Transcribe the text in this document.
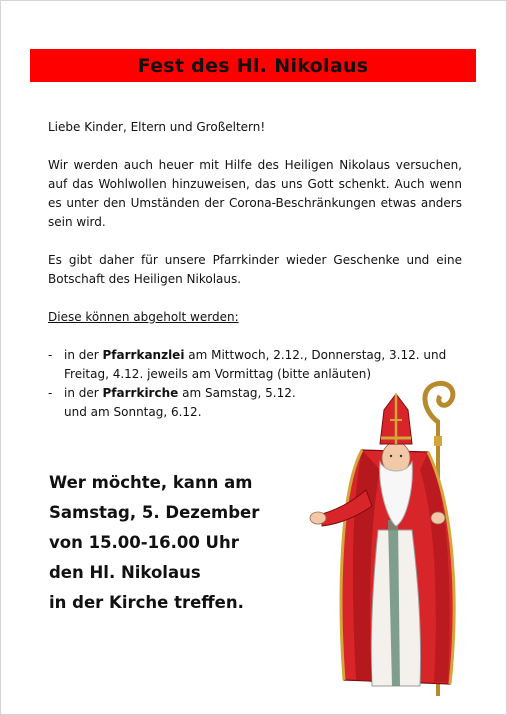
Fest des Hl. Nikolaus

Liebe Kinder, Eltern und Großeltern!

Wir werden auch heuer mit Hilfe des Heiligen Nikolaus versuchen, auf das Wohlwollen hinzuweisen, das uns Gott schenkt. Auch wenn es unter den Umständen der Corona-Beschränkungen etwas anders sein wird.

Es gibt daher für unsere Pfarrkinder wieder Geschenke und eine Botschaft des Heiligen Nikolaus.

Diese können abgeholt werden:

- in der Pfarrkanzlei am Mittwoch, 2.12., Donnerstag, 3.12. und Freitag, 4.12. jeweils am Vormittag (bitte anläuten)
- in der Pfarrkirche am Samstag, 5.12.
und am Sonntag, 6.12.

Wer möchte, kann am

Samstag, 5. Dezember

von 15.00-16.00 Uhr

den Hl. Nikolaus

in der Kirche treffen.
